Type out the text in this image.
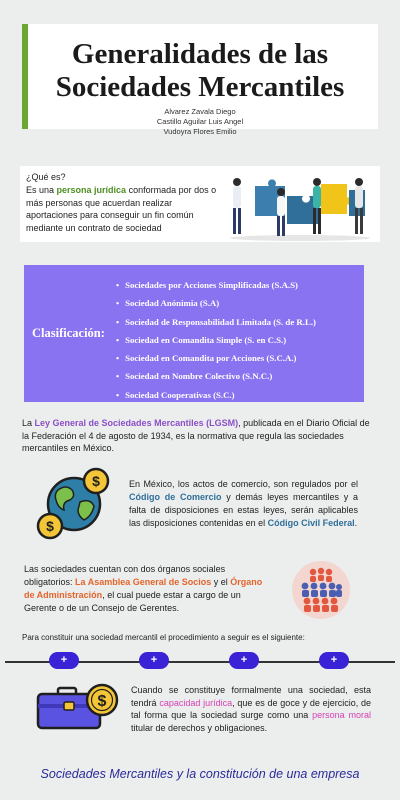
Generalidades de las
Sociedades Mercantiles
Alvarez Zavala Diego
Castillo Aguilar Luis Angel
Vudoyra Flores Emilio
¿Qué es?
Es una persona jurídica conformada por dos o más personas que acuerdan realizar aportaciones para conseguir un fin común mediante un contrato de sociedad
Clasificación:
• Sociedades por Acciones Simplificadas (S.A.S)
• Sociedad Anónimia (S.A)
• Sociedad de Responsabilidad Limitada (S. de R.L.)
• Sociedad en Comandita Simple (S. en C.S.)
• Sociedad en Comandita por Acciones (S.C.A.)
• Sociedad en Nombre Colectivo (S.N.C.)
• Sociedad Cooperativas (S.C.)
La Ley General de Sociedades Mercantiles (LGSM), publicada en el Diario Oficial de la Federación el 4 de agosto de 1934, es la normativa que regula las sociedades mercantiles en México.
$
$
En México, los actos de comercio, son regulados por el Código de Comercio y demás leyes mercantiles y a falta de disposiciones en estas leyes, serán aplicables las disposiciones contenidas en el Código Civil Federal.
Las sociedades cuentan con dos órganos sociales obligatorios: La Asamblea General de Socios y el Órgano de Administración, el cual puede estar a cargo de un Gerente o de un Consejo de Gerentes.
Para constituir una sociedad mercantil el procedimiento a seguir es el siguiente:
+	+	+	+
$
Cuando se constituye formalmente una sociedad, esta tendrá capacidad jurídica, que es de goce y de ejercicio, de tal forma que la sociedad surge como una persona moral titular de derechos y obligaciones.
Sociedades Mercantiles y la constitución de una empresa
